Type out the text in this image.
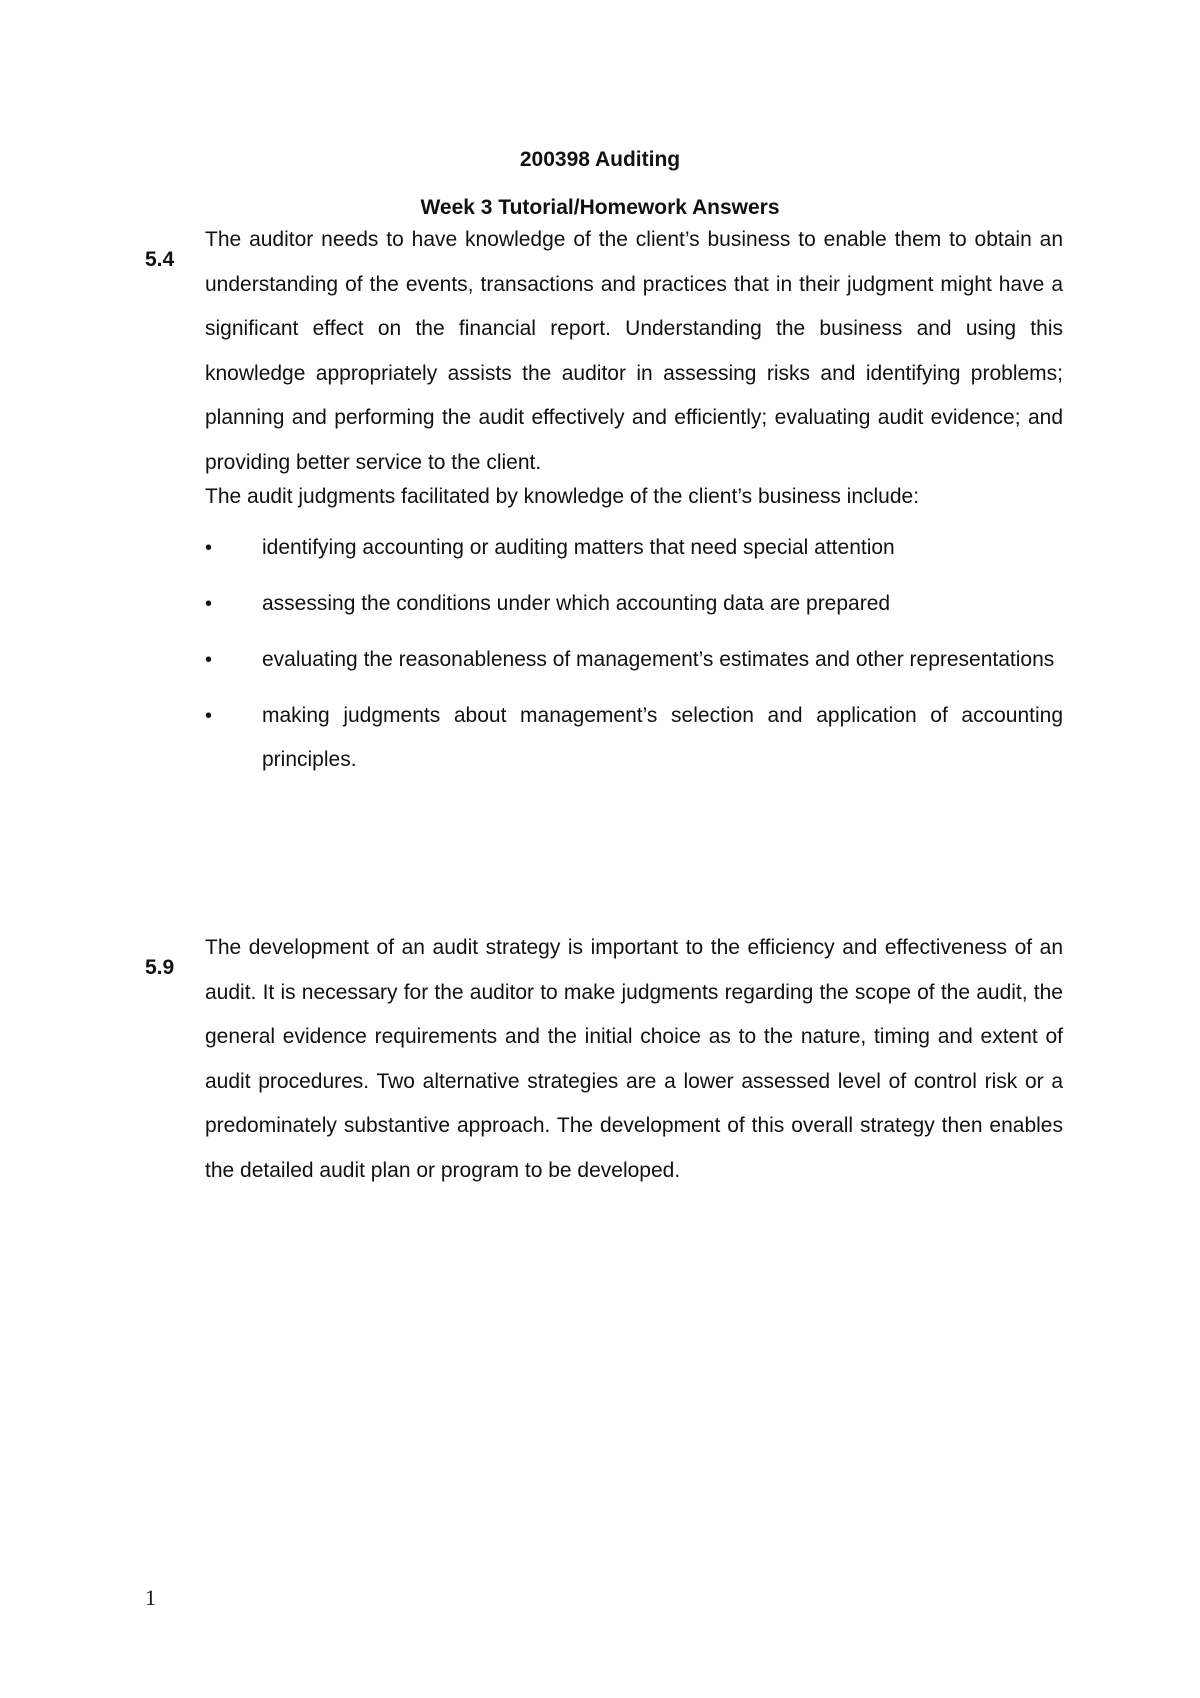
200398 Auditing
Week 3 Tutorial/Homework Answers
5.4

The auditor needs to have knowledge of the client’s business to enable them to obtain an understanding of the events, transactions and practices that in their judgment might have a significant effect on the financial report. Understanding the business and using this knowledge appropriately assists the auditor in assessing risks and identifying problems; planning and performing the audit effectively and efficiently; evaluating audit evidence; and providing better service to the client.

The audit judgments facilitated by knowledge of the client’s business include:

• identifying accounting or auditing matters that need special attention
• assessing the conditions under which accounting data are prepared
• evaluating the reasonableness of management’s estimates and other representations
• making judgments about management’s selection and application of accounting principles.
5.9

The development of an audit strategy is important to the efficiency and effectiveness of an audit. It is necessary for the auditor to make judgments regarding the scope of the audit, the general evidence requirements and the initial choice as to the nature, timing and extent of audit procedures. Two alternative strategies are a lower assessed level of control risk or a predominately substantive approach. The development of this overall strategy then enables the detailed audit plan or program to be developed.

1
